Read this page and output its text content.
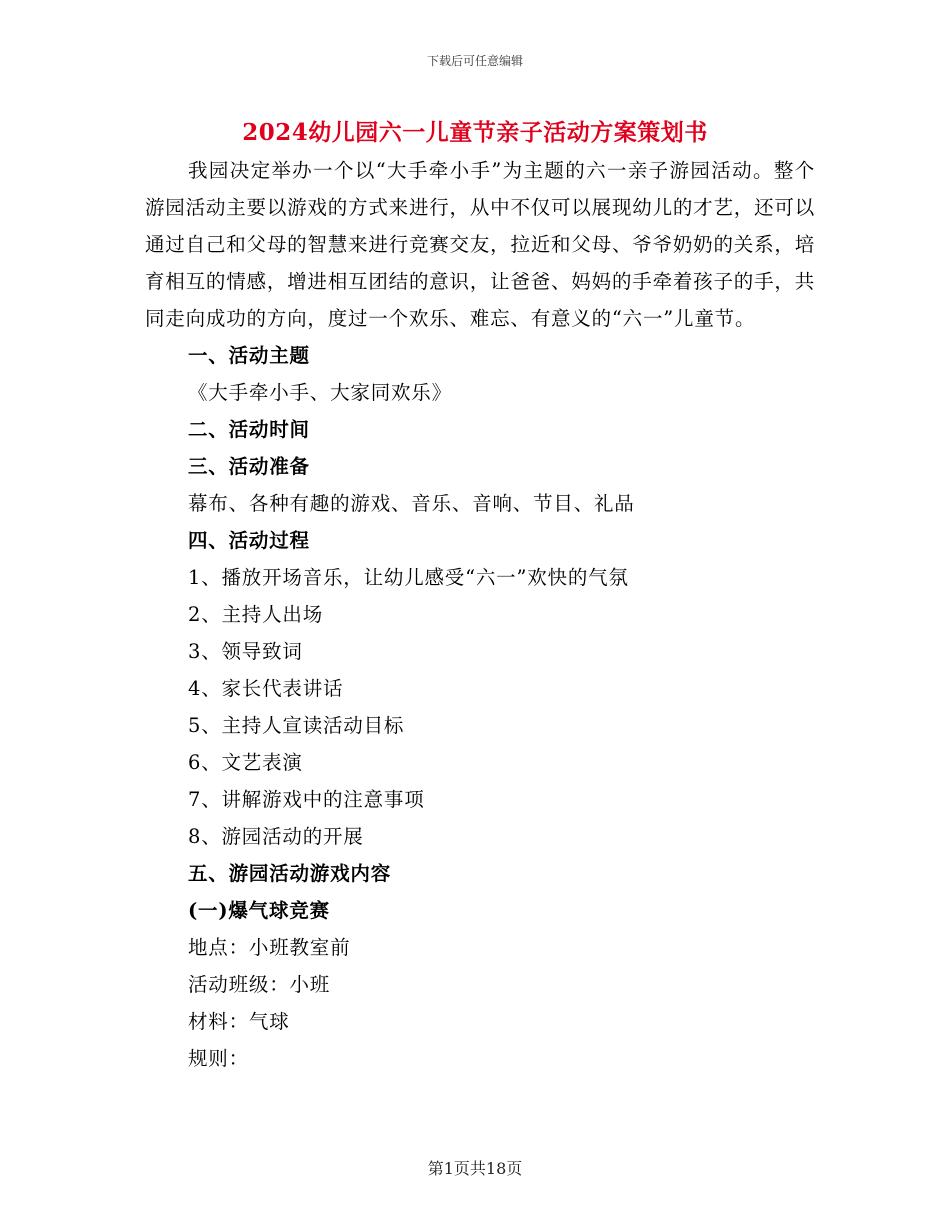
下载后可任意编辑
2024幼儿园六一儿童节亲子活动方案策划书

我园决定举办一个以“大手牵小手”为主题的六一亲子游园活动。整个游园活动主要以游戏的方式来进行，从中不仅可以展现幼儿的才艺，还可以通过自己和父母的智慧来进行竞赛交友，拉近和父母、爷爷奶奶的关系，培育相互的情感，增进相互团结的意识，让爸爸、妈妈的手牵着孩子的手，共同走向成功的方向，度过一个欢乐、难忘、有意义的“六一”儿童节。

一、活动主题
《大手牵小手、大家同欢乐》
二、活动时间
三、活动准备
幕布、各种有趣的游戏、音乐、音响、节目、礼品
四、活动过程
1、播放开场音乐，让幼儿感受“六一”欢快的气氛
2、主持人出场
3、领导致词
4、家长代表讲话
5、主持人宣读活动目标
6、文艺表演
7、讲解游戏中的注意事项
8、游园活动的开展
五、游园活动游戏内容
(一)爆气球竞赛
地点：小班教室前
活动班级：小班
材料：气球
规则：
第1页共18页
